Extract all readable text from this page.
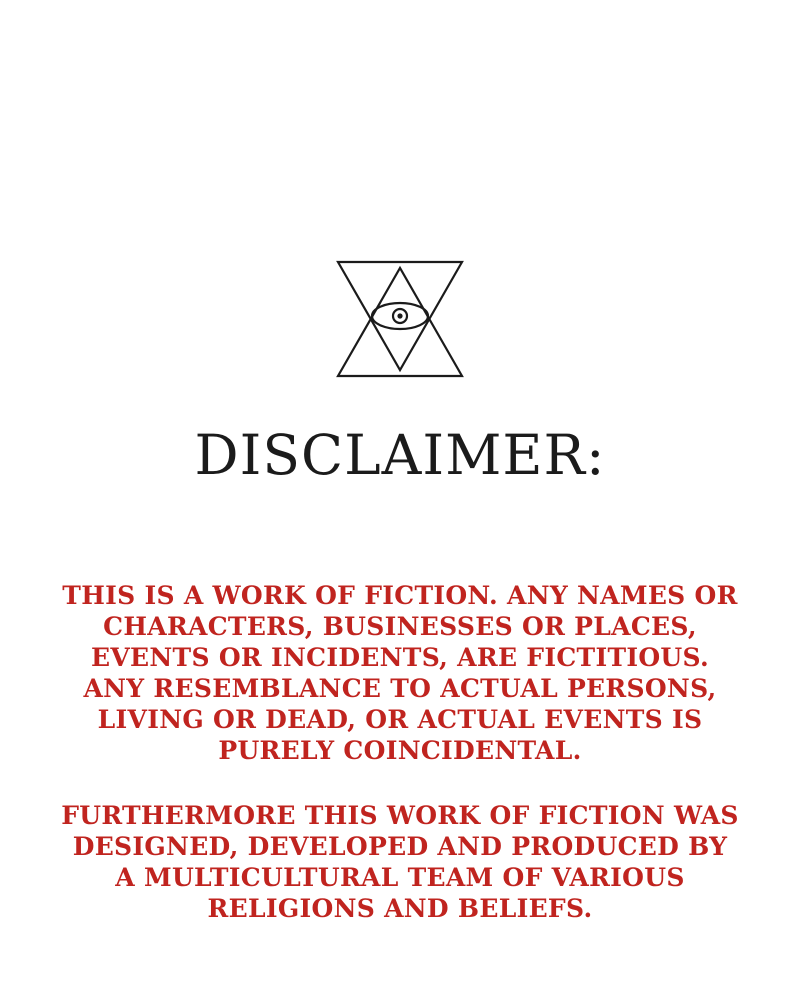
DISCLAIMER:

THIS IS A WORK OF FICTION. ANY NAMES OR CHARACTERS, BUSINESSES OR PLACES, EVENTS OR INCIDENTS, ARE FICTITIOUS. ANY RESEMBLANCE TO ACTUAL PERSONS, LIVING OR DEAD, OR ACTUAL EVENTS IS PURELY COINCIDENTAL.

FURTHERMORE THIS WORK OF FICTION WAS DESIGNED, DEVELOPED AND PRODUCED BY A MULTICULTURAL TEAM OF VARIOUS RELIGIONS AND BELIEFS.
